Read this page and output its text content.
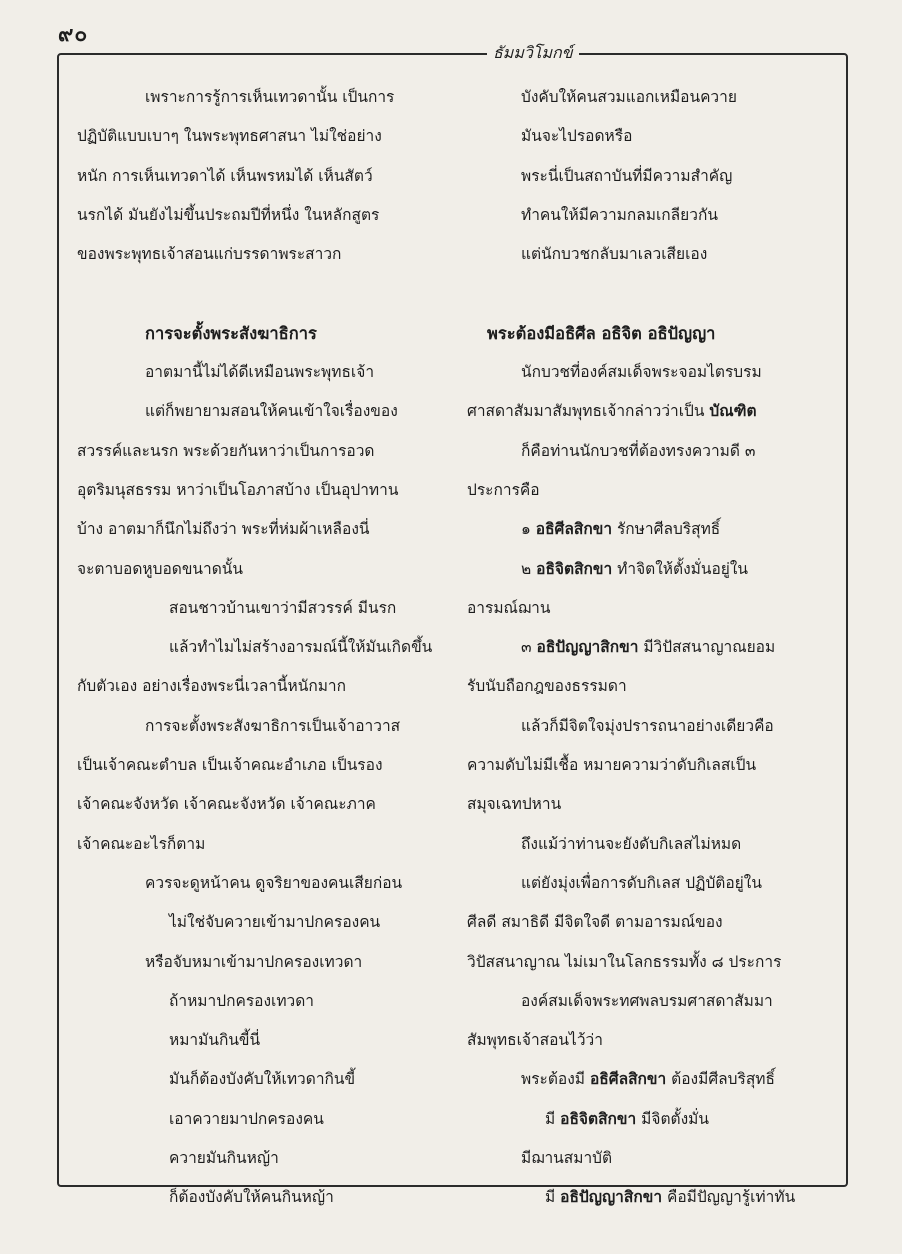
๙๐
ธัมมวิโมกข์
เพราะการรู้การเห็นเทวดานั้น เป็นการ
ปฏิบัติแบบเบาๆ ในพระพุทธศาสนา ไม่ใช่อย่าง
หนัก การเห็นเทวดาได้ เห็นพรหมได้ เห็นสัตว์
นรกได้ มันยังไม่ขึ้นประถมปีที่หนึ่ง ในหลักสูตร
ของพระพุทธเจ้าสอนแก่บรรดาพระสาวก
การจะตั้งพระสังฆาธิการ
อาตมานี้ไม่ได้ดีเหมือนพระพุทธเจ้า
แต่ก็พยายามสอนให้คนเข้าใจเรื่องของ
สวรรค์และนรก พระด้วยกันหาว่าเป็นการอวด
อุตริมนุสธรรม หาว่าเป็นโอภาสบ้าง เป็นอุปาทาน
บ้าง อาตมาก็นึกไม่ถึงว่า พระที่ห่มผ้าเหลืองนี่
จะตาบอดหูบอดขนาดนั้น
สอนชาวบ้านเขาว่ามีสวรรค์ มีนรก
แล้วทำไมไม่สร้างอารมณ์นี้ให้มันเกิดขึ้น
กับตัวเอง อย่างเรื่องพระนี่เวลานี้หนักมาก
การจะตั้งพระสังฆาธิการเป็นเจ้าอาวาส
เป็นเจ้าคณะตำบล เป็นเจ้าคณะอำเภอ เป็นรอง
เจ้าคณะจังหวัด เจ้าคณะจังหวัด เจ้าคณะภาค
เจ้าคณะอะไรก็ตาม
ควรจะดูหน้าคน ดูจริยาของคนเสียก่อน
ไม่ใช่จับควายเข้ามาปกครองคน
หรือจับหมาเข้ามาปกครองเทวดา
ถ้าหมาปกครองเทวดา
หมามันกินขี้นี่
มันก็ต้องบังคับให้เทวดากินขี้
เอาควายมาปกครองคน
ควายมันกินหญ้า
ก็ต้องบังคับให้คนกินหญ้า
บังคับให้คนสวมแอกเหมือนควาย
มันจะไปรอดหรือ
พระนี่เป็นสถาบันที่มีความสำคัญ
ทำคนให้มีความกลมเกลียวกัน
แต่นักบวชกลับมาเลวเสียเอง
พระต้องมีอธิศีล อธิจิต อธิปัญญา
นักบวชที่องค์สมเด็จพระจอมไตรบรม
ศาสดาสัมมาสัมพุทธเจ้ากล่าวว่าเป็น บัณฑิต
ก็คือท่านนักบวชที่ต้องทรงความดี ๓
ประการคือ
๑ อธิศีลสิกขา รักษาศีลบริสุทธิ์
๒ อธิจิตสิกขา ทำจิตให้ตั้งมั่นอยู่ใน
อารมณ์ฌาน
๓ อธิปัญญาสิกขา มีวิปัสสนาญาณยอม
รับนับถือกฎของธรรมดา
แล้วก็มีจิตใจมุ่งปรารถนาอย่างเดียวคือ
ความดับไม่มีเชื้อ หมายความว่าดับกิเลสเป็น
สมุจเฉทปหาน
ถึงแม้ว่าท่านจะยังดับกิเลสไม่หมด
แต่ยังมุ่งเพื่อการดับกิเลส ปฏิบัติอยู่ใน
ศีลดี สมาธิดี มีจิตใจดี ตามอารมณ์ของ
วิปัสสนาญาณ ไม่เมาในโลกธรรมทั้ง ๘ ประการ
องค์สมเด็จพระทศพลบรมศาสดาสัมมา
สัมพุทธเจ้าสอนไว้ว่า
พระต้องมี อธิศีลสิกขา ต้องมีศีลบริสุทธิ์
มี อธิจิตสิกขา มีจิตตั้งมั่น
มีฌานสมาบัติ
มี อธิปัญญาสิกขา คือมีปัญญารู้เท่าทัน
